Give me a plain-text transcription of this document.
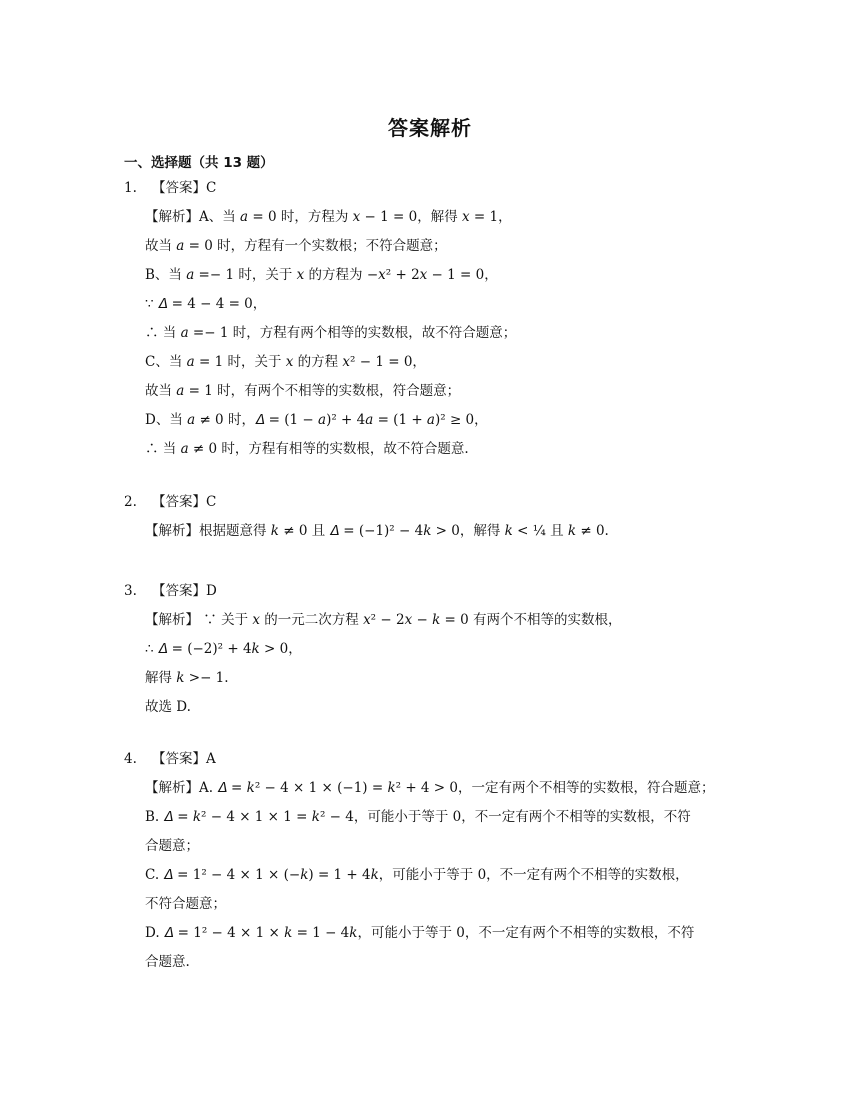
答案解析
一、选择题（共 13 题）
1.	【答案】C
【解析】A、当 𝑎 = 0 时，方程为 𝑥 − 1 = 0，解得 𝑥 = 1，
故当 𝑎 = 0 时，方程有一个实数根；不符合题意；
B、当 𝑎 =− 1 时，关于 𝑥 的方程为 −𝑥² + 2𝑥 − 1 = 0，
∵ 𝛥 = 4 − 4 = 0，
∴ 当 𝑎 =− 1 时，方程有两个相等的实数根，故不符合题意；
C、当 𝑎 = 1 时，关于 𝑥 的方程 𝑥² − 1 = 0，
故当 𝑎 = 1 时，有两个不相等的实数根，符合题意；
D、当 𝑎 ≠ 0 时，𝛥 = (1 − 𝑎)² + 4𝑎 = (1 + 𝑎)² ≥ 0，
∴ 当 𝑎 ≠ 0 时，方程有相等的实数根，故不符合题意.
2.	【答案】C
【解析】根据题意得 𝑘 ≠ 0 且 𝛥 = (−1)² − 4𝑘 > 0，解得 𝑘 < ¼ 且 𝑘 ≠ 0.
3.	【答案】D
【解析】 ∵ 关于 𝑥 的一元二次方程 𝑥² − 2𝑥 − 𝑘 = 0 有两个不相等的实数根，
∴ 𝛥 = (−2)² + 4𝑘 > 0，
解得 𝑘 >− 1.
故选 D.
4.	【答案】A
【解析】A. 𝛥 = 𝑘² − 4 × 1 × (−1) = 𝑘² + 4 > 0，一定有两个不相等的实数根，符合题意；
B. 𝛥 = 𝑘² − 4 × 1 × 1 = 𝑘² − 4，可能小于等于 0，不一定有两个不相等的实数根，不符
合题意；
C. 𝛥 = 1² − 4 × 1 × (−𝑘) = 1 + 4𝑘，可能小于等于 0，不一定有两个不相等的实数根，
不符合题意；
D. 𝛥 = 1² − 4 × 1 × 𝑘 = 1 − 4𝑘，可能小于等于 0，不一定有两个不相等的实数根，不符
合题意.
